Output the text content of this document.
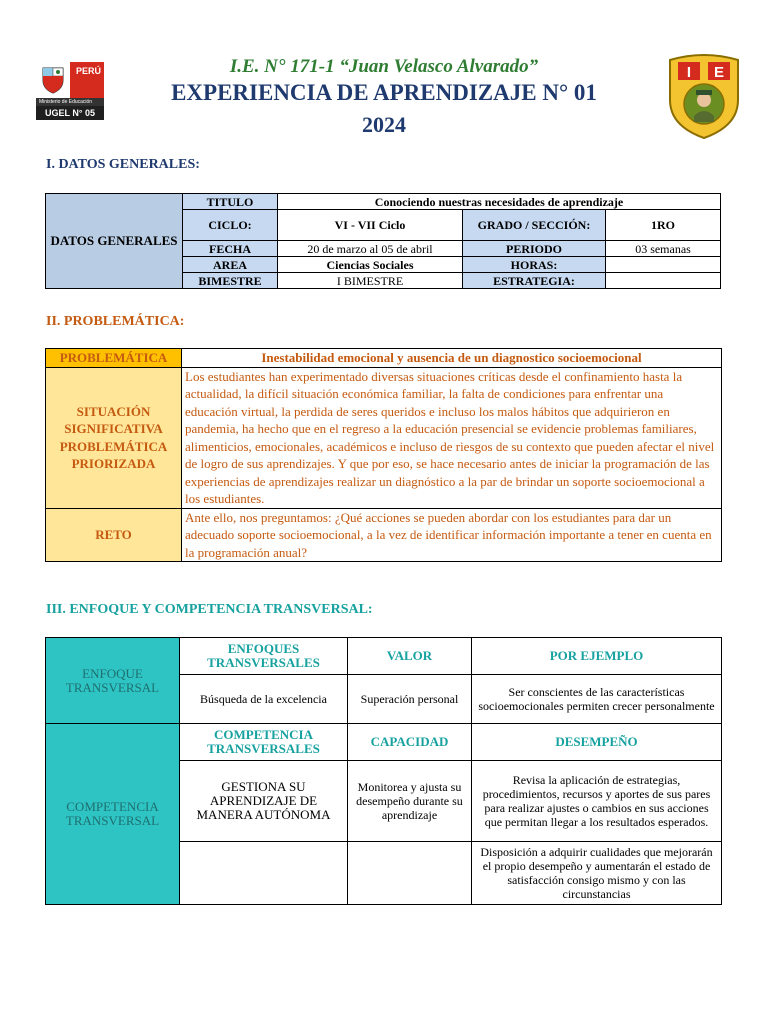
PERÚ
Ministerio de Educación
UGEL N° 05
I E
I.E. N° 171-1 “Juan Velasco Alvarado”
EXPERIENCIA DE APRENDIZAJE N° 01
2024
I. DATOS GENERALES:
DATOS GENERALES	TITULO	Conociendo nuestras necesidades de aprendizaje		
	CICLO:	VI - VII Ciclo	GRADO / SECCIÓN:	1RO
	FECHA	20 de marzo al 05 de abril	PERIODO	03 semanas
	AREA	Ciencias Sociales	HORAS:	
	BIMESTRE	I BIMESTRE	ESTRATEGIA:	
II. PROBLEMÁTICA:
PROBLEMÁTICA	Inestabilidad emocional y ausencia de un diagnostico socioemocional
SITUACIÓN SIGNIFICATIVA PROBLEMÁTICA PRIORIZADA	Los estudiantes han experimentado diversas situaciones críticas desde el confinamiento hasta la actualidad, la difícil situación económica familiar, la falta de condiciones para enfrentar una educación virtual, la perdida de seres queridos e incluso los malos hábitos que adquirieron en pandemia, ha hecho que en el regreso a la educación presencial se evidencie problemas familiares, alimenticios, emocionales, académicos e incluso de riesgos de su contexto que pueden afectar el nivel de logro de sus aprendizajes. Y que por eso, se hace necesario antes de iniciar la programación de las experiencias de aprendizajes realizar un diagnóstico a la par de brindar un soporte socioemocional a los estudiantes.
RETO	Ante ello, nos preguntamos: ¿Qué acciones se pueden abordar con los estudiantes para dar un adecuado soporte socioemocional, a la vez de identificar información importante a tener en cuenta en la programación anual?
III. ENFOQUE Y COMPETENCIA TRANSVERSAL:
ENFOQUE TRANSVERSAL	ENFOQUES TRANSVERSALES	VALOR	POR EJEMPLO
	Búsqueda de la excelencia	Superación personal	Ser conscientes de las características socioemocionales permiten crecer personalmente
COMPETENCIA TRANSVERSAL	COMPETENCIA TRANSVERSALES	CAPACIDAD	DESEMPEÑO
	GESTIONA SU APRENDIZAJE DE MANERA AUTÓNOMA	Monitorea y ajusta su desempeño durante su aprendizaje	Revisa la aplicación de estrategias, procedimientos, recursos y aportes de sus pares para realizar ajustes o cambios en sus acciones que permitan llegar a los resultados esperados.
			Disposición a adquirir cualidades que mejorarán el propio desempeño y aumentarán el estado de satisfacción consigo mismo y con las circunstancias
